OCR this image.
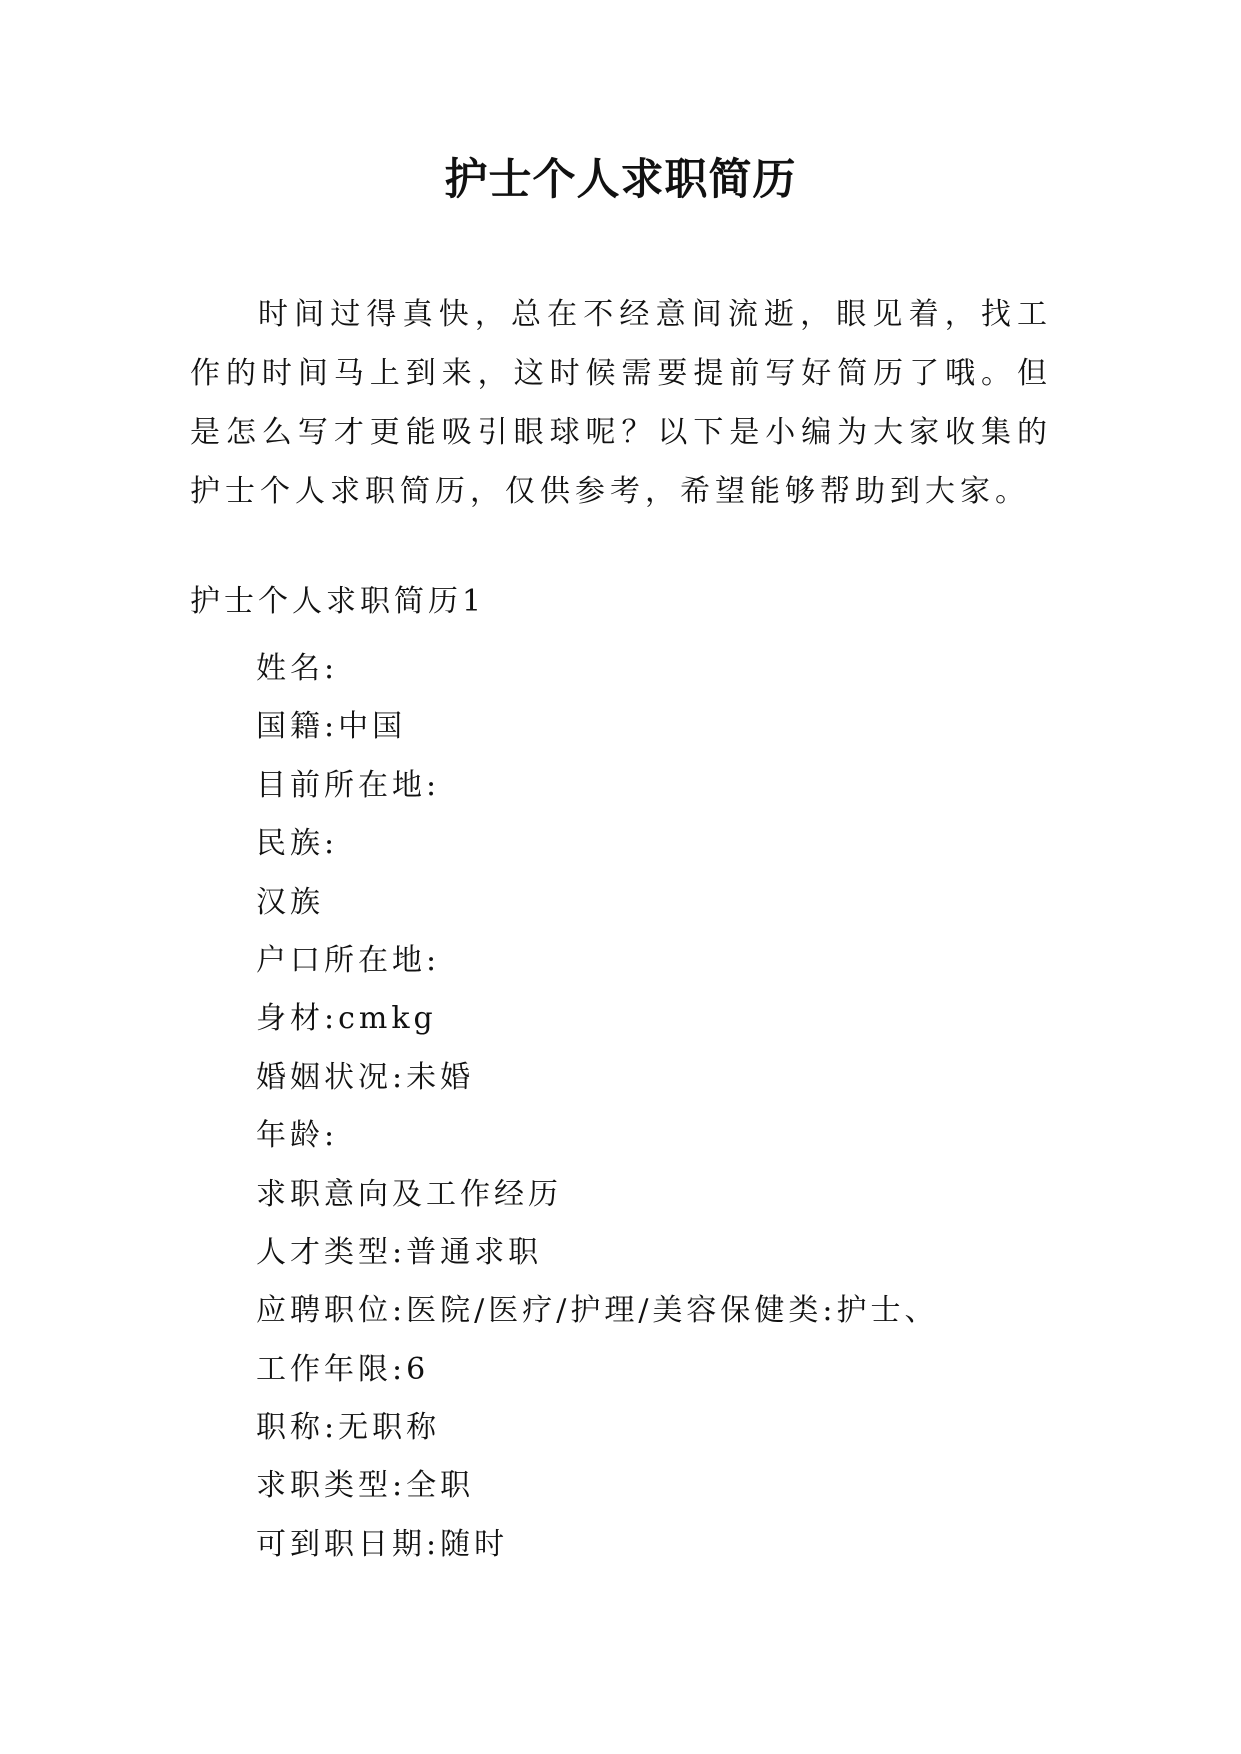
护士个人求职简历

时间过得真快，总在不经意间流逝，眼见着，找工作的时间马上到来，这时候需要提前写好简历了哦。但是怎么写才更能吸引眼球呢？以下是小编为大家收集的护士个人求职简历，仅供参考，希望能够帮助到大家。

护士个人求职简历1
姓名:
国籍:中国
目前所在地:
民族:
汉族
户口所在地:
身材:cmkg
婚姻状况:未婚
年龄:
求职意向及工作经历
人才类型:普通求职
应聘职位:医院/医疗/护理/美容保健类:护士、
工作年限:6
职称:无职称
求职类型:全职
可到职日期:随时
